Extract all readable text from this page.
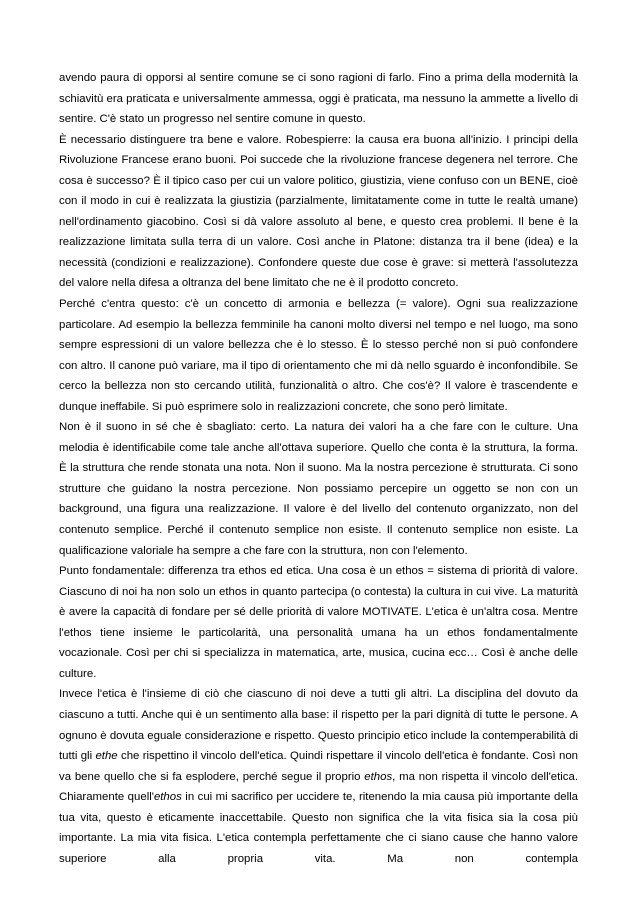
avendo paura di opporsi al sentire comune se ci sono ragioni di farlo. Fino a prima della modernità la schiavitù era praticata e universalmente ammessa, oggi è praticata, ma nessuno la ammette a livello di sentire. C'è stato un progresso nel sentire comune in questo.

È necessario distinguere tra bene e valore. Robespierre: la causa era buona all'inizio. I principi della Rivoluzione Francese erano buoni. Poi succede che la rivoluzione francese degenera nel terrore. Che cosa è successo? È il tipico caso per cui un valore politico, giustizia, viene confuso con un BENE, cioè con il modo in cui è realizzata la giustizia (parzialmente, limitatamente come in tutte le realtà umane) nell'ordinamento giacobino. Così si dà valore assoluto al bene, e questo crea problemi. Il bene è la realizzazione limitata sulla terra di un valore. Così anche in Platone: distanza tra il bene (idea) e la necessità (condizioni e realizzazione). Confondere queste due cose è grave: si metterà l'assolutezza del valore nella difesa a oltranza del bene limitato che ne è il prodotto concreto.

Perché c'entra questo: c'è un concetto di armonia e bellezza (= valore). Ogni sua realizzazione particolare. Ad esempio la bellezza femminile ha canoni molto diversi nel tempo e nel luogo, ma sono sempre espressioni di un valore bellezza che è lo stesso. È lo stesso perché non si può confondere con altro. Il canone può variare, ma il tipo di orientamento che mi dà nello sguardo è inconfondibile. Se cerco la bellezza non sto cercando utilità, funzionalità o altro. Che cos'è? Il valore è trascendente e dunque ineffabile. Si può esprimere solo in realizzazioni concrete, che sono però limitate.

Non è il suono in sé che è sbagliato: certo. La natura dei valori ha a che fare con le culture. Una melodia è identificabile come tale anche all'ottava superiore. Quello che conta è la struttura, la forma. È la struttura che rende stonata una nota. Non il suono. Ma la nostra percezione è strutturata. Ci sono strutture che guidano la nostra percezione. Non possiamo percepire un oggetto se non con un background, una figura una realizzazione. Il valore è del livello del contenuto organizzato, non del contenuto semplice. Perché il contenuto semplice non esiste. Il contenuto semplice non esiste. La qualificazione valoriale ha sempre a che fare con la struttura, non con l'elemento.

Punto fondamentale: differenza tra ethos ed etica. Una cosa è un ethos = sistema di priorità di valore. Ciascuno di noi ha non solo un ethos in quanto partecipa (o contesta) la cultura in cui vive. La maturità è avere la capacità di fondare per sé delle priorità di valore MOTIVATE. L'etica è un'altra cosa. Mentre l'ethos tiene insieme le particolarità, una personalità umana ha un ethos fondamentalmente vocazionale. Così per chi si specializza in matematica, arte, musica, cucina ecc… Così è anche delle culture.

Invece l'etica è l'insieme di ciò che ciascuno di noi deve a tutti gli altri. La disciplina del dovuto da ciascuno a tutti. Anche qui è un sentimento alla base: il rispetto per la pari dignità di tutte le persone. A ognuno è dovuta eguale considerazione e rispetto. Questo principio etico include la contemperabilità di tutti gli ethe che rispettino il vincolo dell'etica. Quindi rispettare il vincolo dell'etica è fondante. Così non va bene quello che si fa esplodere, perché segue il proprio ethos, ma non rispetta il vincolo dell'etica. Chiaramente quell'ethos in cui mi sacrifico per uccidere te, ritenendo la mia causa più importante della tua vita, questo è eticamente inaccettabile. Questo non significa che la vita fisica sia la cosa più importante. La mia vita fisica. L'etica contempla perfettamente che ci siano cause che hanno valore superiore alla propria vita. Ma non contempla
